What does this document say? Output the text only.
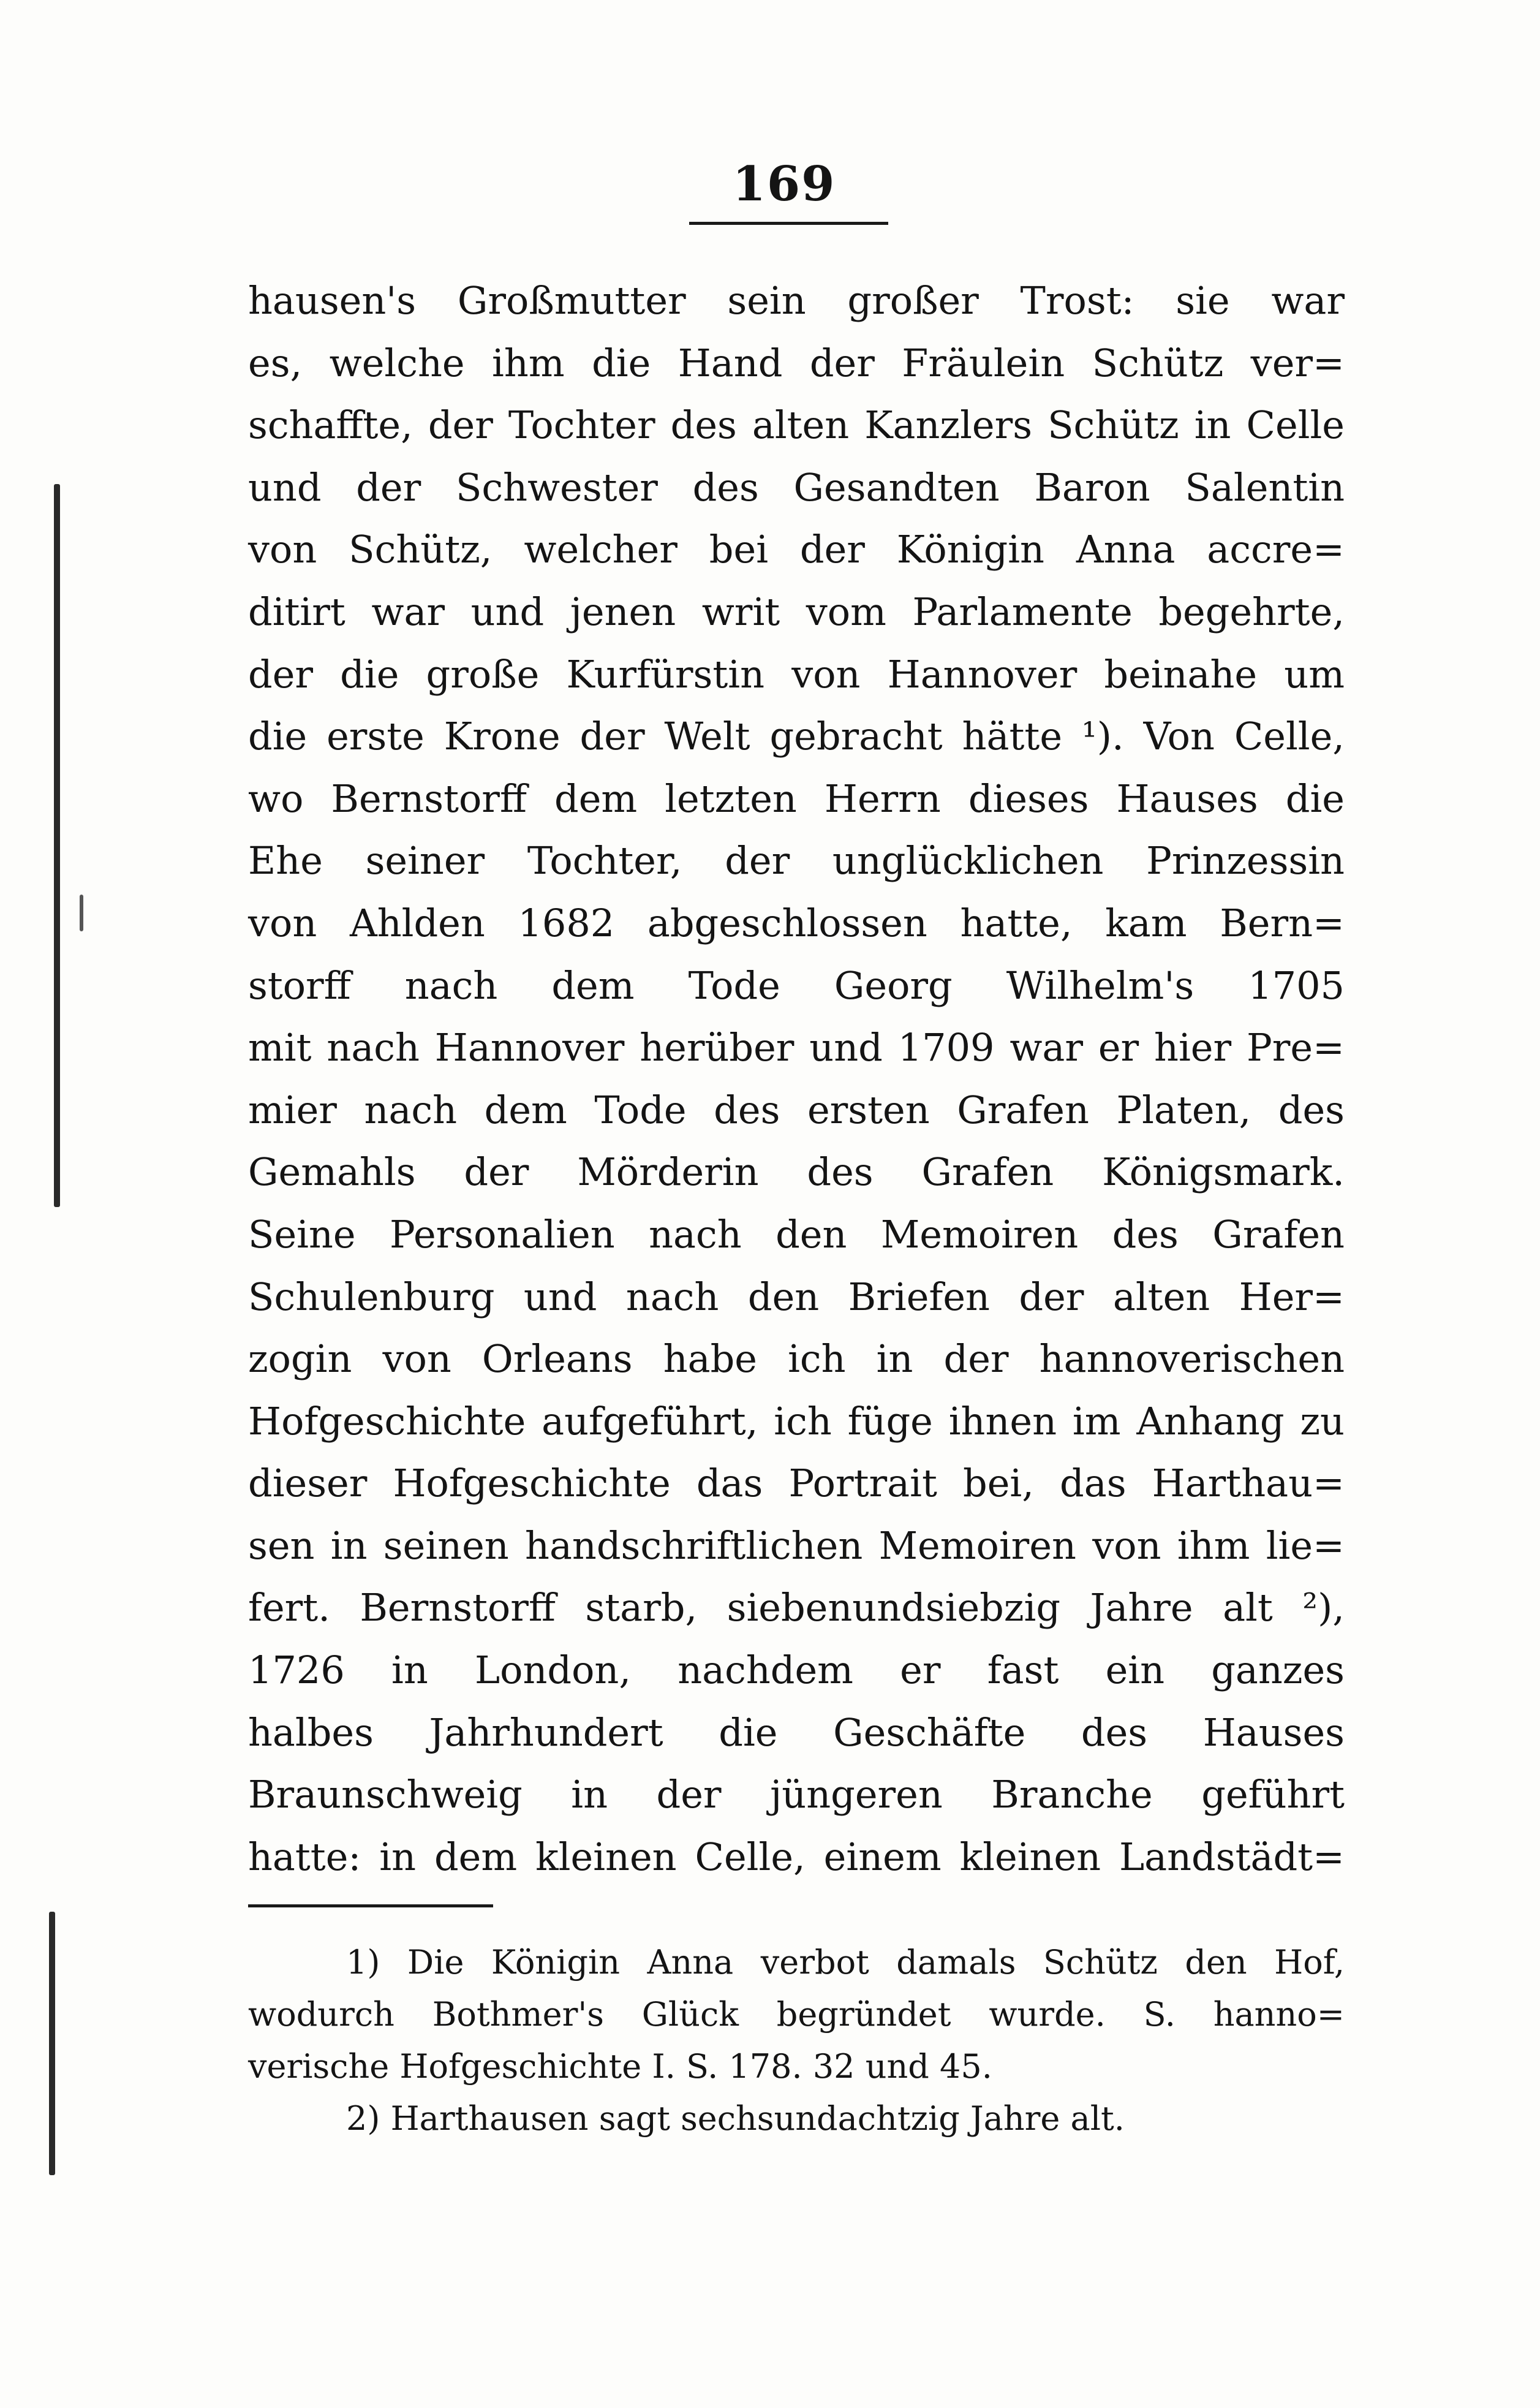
169
hausen's Großmutter sein großer Trost: sie war
es, welche ihm die Hand der Fräulein Schütz ver=
schaffte, der Tochter des alten Kanzlers Schütz in Celle
und der Schwester des Gesandten Baron Salentin
von Schütz, welcher bei der Königin Anna accre=
ditirt war und jenen writ vom Parlamente begehrte,
der die große Kurfürstin von Hannover beinahe um
die erste Krone der Welt gebracht hätte ¹). Von Celle,
wo Bernstorff dem letzten Herrn dieses Hauses die
Ehe seiner Tochter, der unglücklichen Prinzessin
von Ahlden 1682 abgeschlossen hatte, kam Bern=
storff nach dem Tode Georg Wilhelm's 1705
mit nach Hannover herüber und 1709 war er hier Pre=
mier nach dem Tode des ersten Grafen Platen, des
Gemahls der Mörderin des Grafen Königsmark.
Seine Personalien nach den Memoiren des Grafen
Schulenburg und nach den Briefen der alten Her=
zogin von Orleans habe ich in der hannoverischen
Hofgeschichte aufgeführt, ich füge ihnen im Anhang zu
dieser Hofgeschichte das Portrait bei, das Harthau=
sen in seinen handschriftlichen Memoiren von ihm lie=
fert. Bernstorff starb, siebenundsiebzig Jahre alt ²),
1726 in London, nachdem er fast ein ganzes
halbes Jahrhundert die Geschäfte des Hauses
Braunschweig in der jüngeren Branche geführt
hatte: in dem kleinen Celle, einem kleinen Landstädt=
1) Die Königin Anna verbot damals Schütz den Hof,
wodurch Bothmer's Glück begründet wurde. S. hanno=
verische Hofgeschichte I. S. 178. 32 und 45.
2) Harthausen sagt sechsundachtzig Jahre alt.
